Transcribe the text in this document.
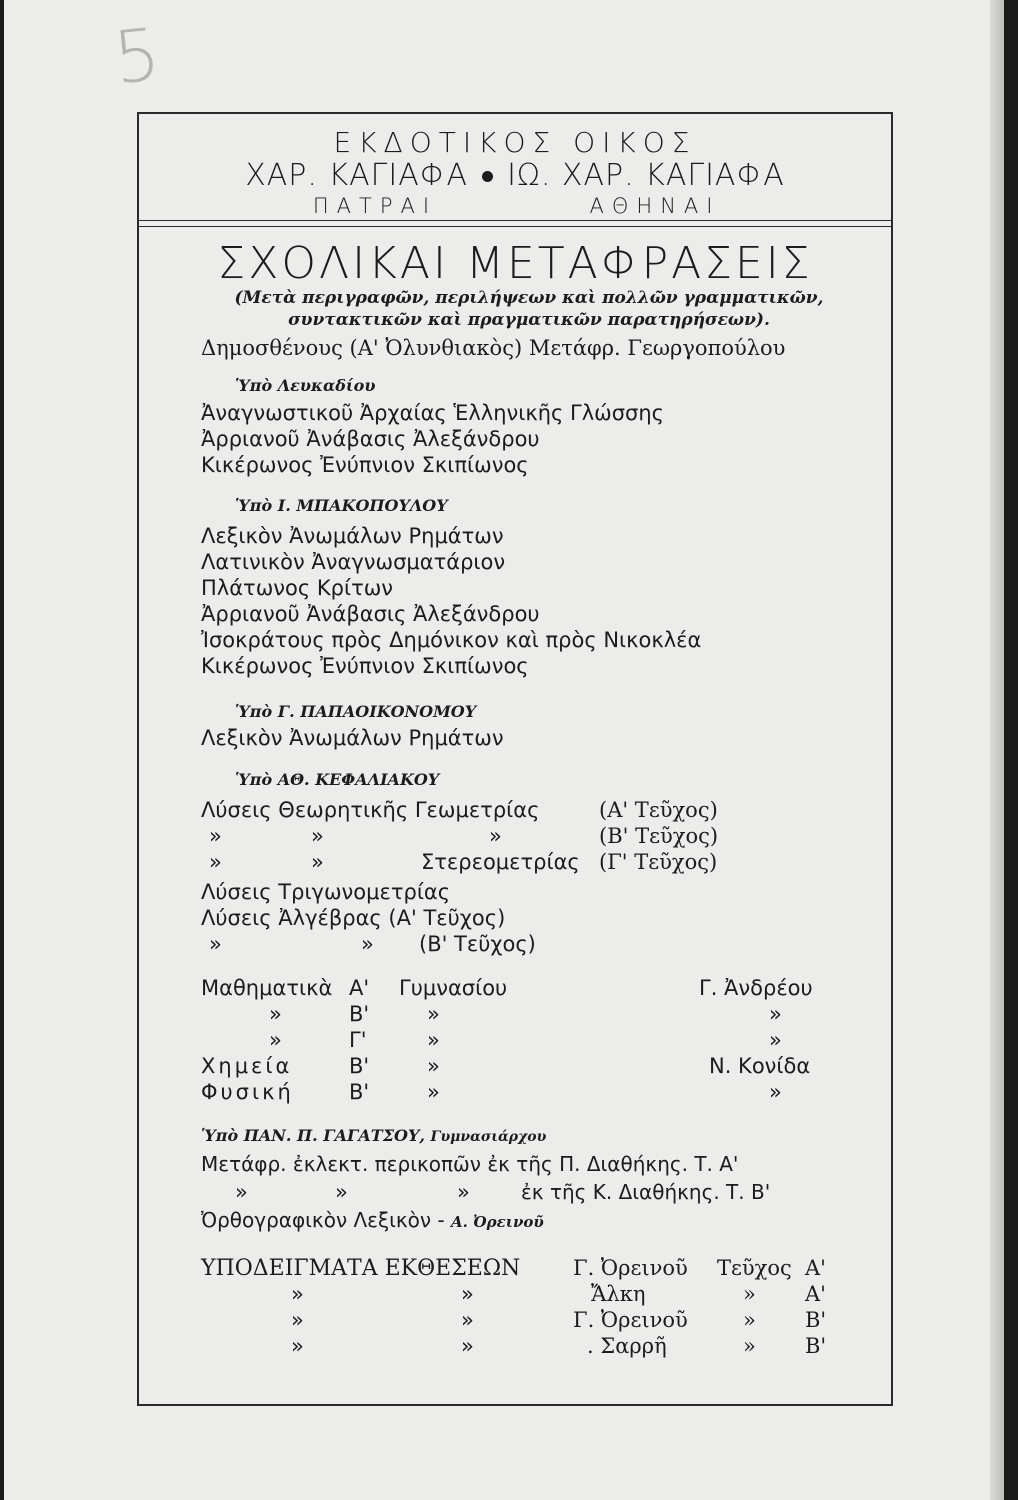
5
ΕΚΔΟΤΙΚΟΣ ΟΙΚΟΣ
ΧΑΡ. ΚΑΓΙΑΦΑ ΙΩ. ΧΑΡ. ΚΑΓΙΑΦΑ
ΠΑΤΡΑΙ	ΑΘΗΝΑΙ
ΣΧΟΛΙΚΑΙ ΜΕΤΑΦΡΑΣΕΙΣ
(Μετὰ περιγραφῶν, περιλήψεων καὶ πολλῶν γραμματικῶν,
συντακτικῶν καὶ πραγματικῶν παρατηρήσεων).
Δημοσθένους (Α' Ὀλυνθιακὸς) Μετάφρ. Γεωργοπούλου
Ὑπὸ Λευκαδίου
Ἀναγνωστικοῦ Ἀρχαίας Ἑλληνικῆς Γλώσσης
Ἀρριανοῦ Ἀνάβασις Ἀλεξάνδρου
Κικέρωνος Ἐνύπνιον Σκιπίωνος
Ὑπὸ Ι. ΜΠΑΚΟΠΟΥΛΟΥ
Λεξικὸν Ἀνωμάλων Ρημάτων
Λατινικὸν Ἀναγνωσματάριον
Πλάτωνος Κρίτων
Ἀρριανοῦ Ἀνάβασις Ἀλεξάνδρου
Ἰσοκράτους πρὸς Δημόνικον καὶ πρὸς Νικοκλέα
Κικέρωνος Ἐνύπνιον Σκιπίωνος
Ὑπὸ Γ. ΠΑΠΑΟΙΚΟΝΟΜΟΥ
Λεξικὸν Ἀνωμάλων Ρημάτων
Ὑπὸ ΑΘ. ΚΕΦΑΛΙΑΚΟΥ
Λύσεις Θεωρητικῆς Γεωμετρίας	(Α' Τεῦχος)
»	»	»	(Β' Τεῦχος)
»	»	Στερεομετρίας (Γ' Τεῦχος)
Λύσεις Τριγωνομετρίας
Λύσεις Ἀλγέβρας (Α' Τεῦχος)
»	» (Β' Τεῦχος)
Μαθηματικὰ Α' Γυμνασίου	Γ. Ἀνδρέου
»	Β'	»	»
»	Γ'	»	»
Χημεία	Β'	»	Ν. Κονίδα
Φυσική	Β'	»	»
Ὑπὸ ΠΑΝ. Π. ΓΑΓΑΤΣΟΥ, Γυμνασιάρχου
Μετάφρ. ἐκλεκτ. περικοπῶν ἐκ τῆς Π. Διαθήκης. Τ. Α'
»	»	»	ἐκ τῆς Κ. Διαθήκης. Τ. Β'
Ὀρθογραφικὸν Λεξικὸν - Α. Ὀρεινοῦ
ΥΠΟΔΕΙΓΜΑΤΑ ΕΚΘΕΣΕΩΝ	Γ. Ὀρεινοῦ Τεῦχος Α'
»	»	Ἄλκη	» Α'
»	»	Γ. Ὀρεινοῦ	» Β'
»	»	. Σαρρῆ	» Β'
